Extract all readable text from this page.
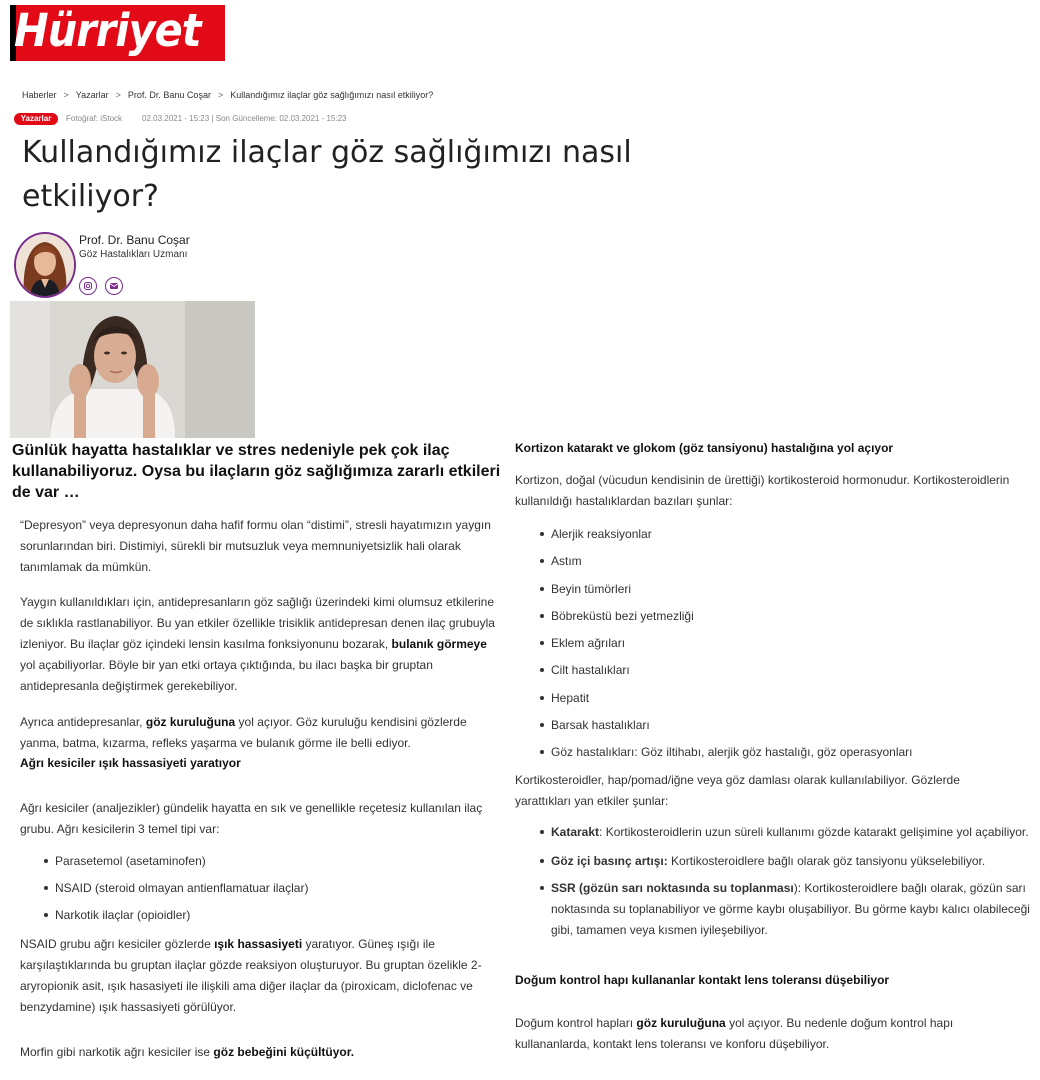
Hürriyet
Haberler > Yazarlar > Prof. Dr. Banu Coşar > Kullandığımız ilaçlar göz sağlığımızı nasıl etkiliyor?
Yazarlar	Fotoğraf: iStock	02.03.2021 - 15:23 | Son Güncelleme: 02.03.2021 - 15:23
Kullandığımız ilaçlar göz sağlığımızı nasıl etkiliyor?
Prof. Dr. Banu Coşar
Göz Hastalıkları Uzmanı

Günlük hayatta hastalıklar ve stres nedeniyle pek çok ilaç kullanabiliyoruz. Oysa bu ilaçların göz sağlığımıza zararlı etkileri de var …

“Depresyon” veya depresyonun daha hafif formu olan “distimi”, stresli hayatımızın yaygın sorunlarından biri. Distimiyi, sürekli bir mutsuzluk veya memnuniyetsizlik hali olarak tanımlamak da mümkün.

Yaygın kullanıldıkları için, antidepresanların göz sağlığı üzerindeki kimi olumsuz etkilerine de sıklıkla rastlanabiliyor. Bu yan etkiler özellikle trisiklik antidepresan denen ilaç grubuyla izleniyor. Bu ilaçlar göz içindeki lensin kasılma fonksiyonunu bozarak, bulanık görmeye yol açabiliyorlar. Böyle bir yan etki ortaya çıktığında, bu ilacı başka bir gruptan antidepresanla değiştirmek gerekebiliyor.

Ayrıca antidepresanlar, göz kuruluğuna yol açıyor. Göz kuruluğu kendisini gözlerde yanma, batma, kızarma, refleks yaşarma ve bulanık görme ile belli ediyor.

Ağrı kesiciler ışık hassasiyeti yaratıyor

Ağrı kesiciler (analjezikler) gündelik hayatta en sık ve genellikle reçetesiz kullanılan ilaç grubu. Ağrı kesicilerin 3 temel tipi var:

Parasetemol (asetaminofen)
NSAID (steroid olmayan antienflamatuar ilaçlar)
Narkotik ilaçlar (opioidler)

NSAID grubu ağrı kesiciler gözlerde ışık hassasiyeti yaratıyor. Güneş ışığı ile karşılaştıklarında bu gruptan ilaçlar gözde reaksiyon oluşturuyor. Bu gruptan özelikle 2-aryropionik asit, ışık hasasiyeti ile ilişkili ama diğer ilaçlar da (piroxicam, diclofenac ve benzydamine) ışık hassasiyeti görülüyor.

Morfin gibi narkotik ağrı kesiciler ise göz bebeğini küçültüyor.

Kortizon katarakt ve glokom (göz tansiyonu) hastalığına yol açıyor

Kortizon, doğal (vücudun kendisinin de ürettiği) kortikosteroid hormonudur. Kortikosteroidlerin kullanıldığı hastalıklardan bazıları şunlar:

Alerjik reaksiyonlar
Astım
Beyin tümörleri
Böbreküstü bezi yetmezliği
Eklem ağrıları
Cilt hastalıkları
Hepatit
Barsak hastalıkları
Göz hastalıkları: Göz iltihabı, alerjik göz hastalığı, göz operasyonları

Kortikosteroidler, hap/pomad/iğne veya göz damlası olarak kullanılabiliyor. Gözlerde yarattıkları yan etkiler şunlar:

Katarakt: Kortikosteroidlerin uzun süreli kullanımı gözde katarakt gelişimine yol açabiliyor.
Göz içi basınç artışı: Kortikosteroidlere bağlı olarak göz tansiyonu yükselebiliyor.
SSR (gözün sarı noktasında su toplanması): Kortikosteroidlere bağlı olarak, gözün sarı noktasında su toplanabiliyor ve görme kaybı oluşabiliyor. Bu görme kaybı kalıcı olabileceği gibi, tamamen veya kısmen iyileşebiliyor.
Doğum kontrol hapı kullananlar kontakt lens toleransı düşebiliyor

Doğum kontrol hapları göz kuruluğuna yol açıyor. Bu nedenle doğum kontrol hapı kullananlarda, kontakt lens toleransı ve konforu düşebiliyor.
